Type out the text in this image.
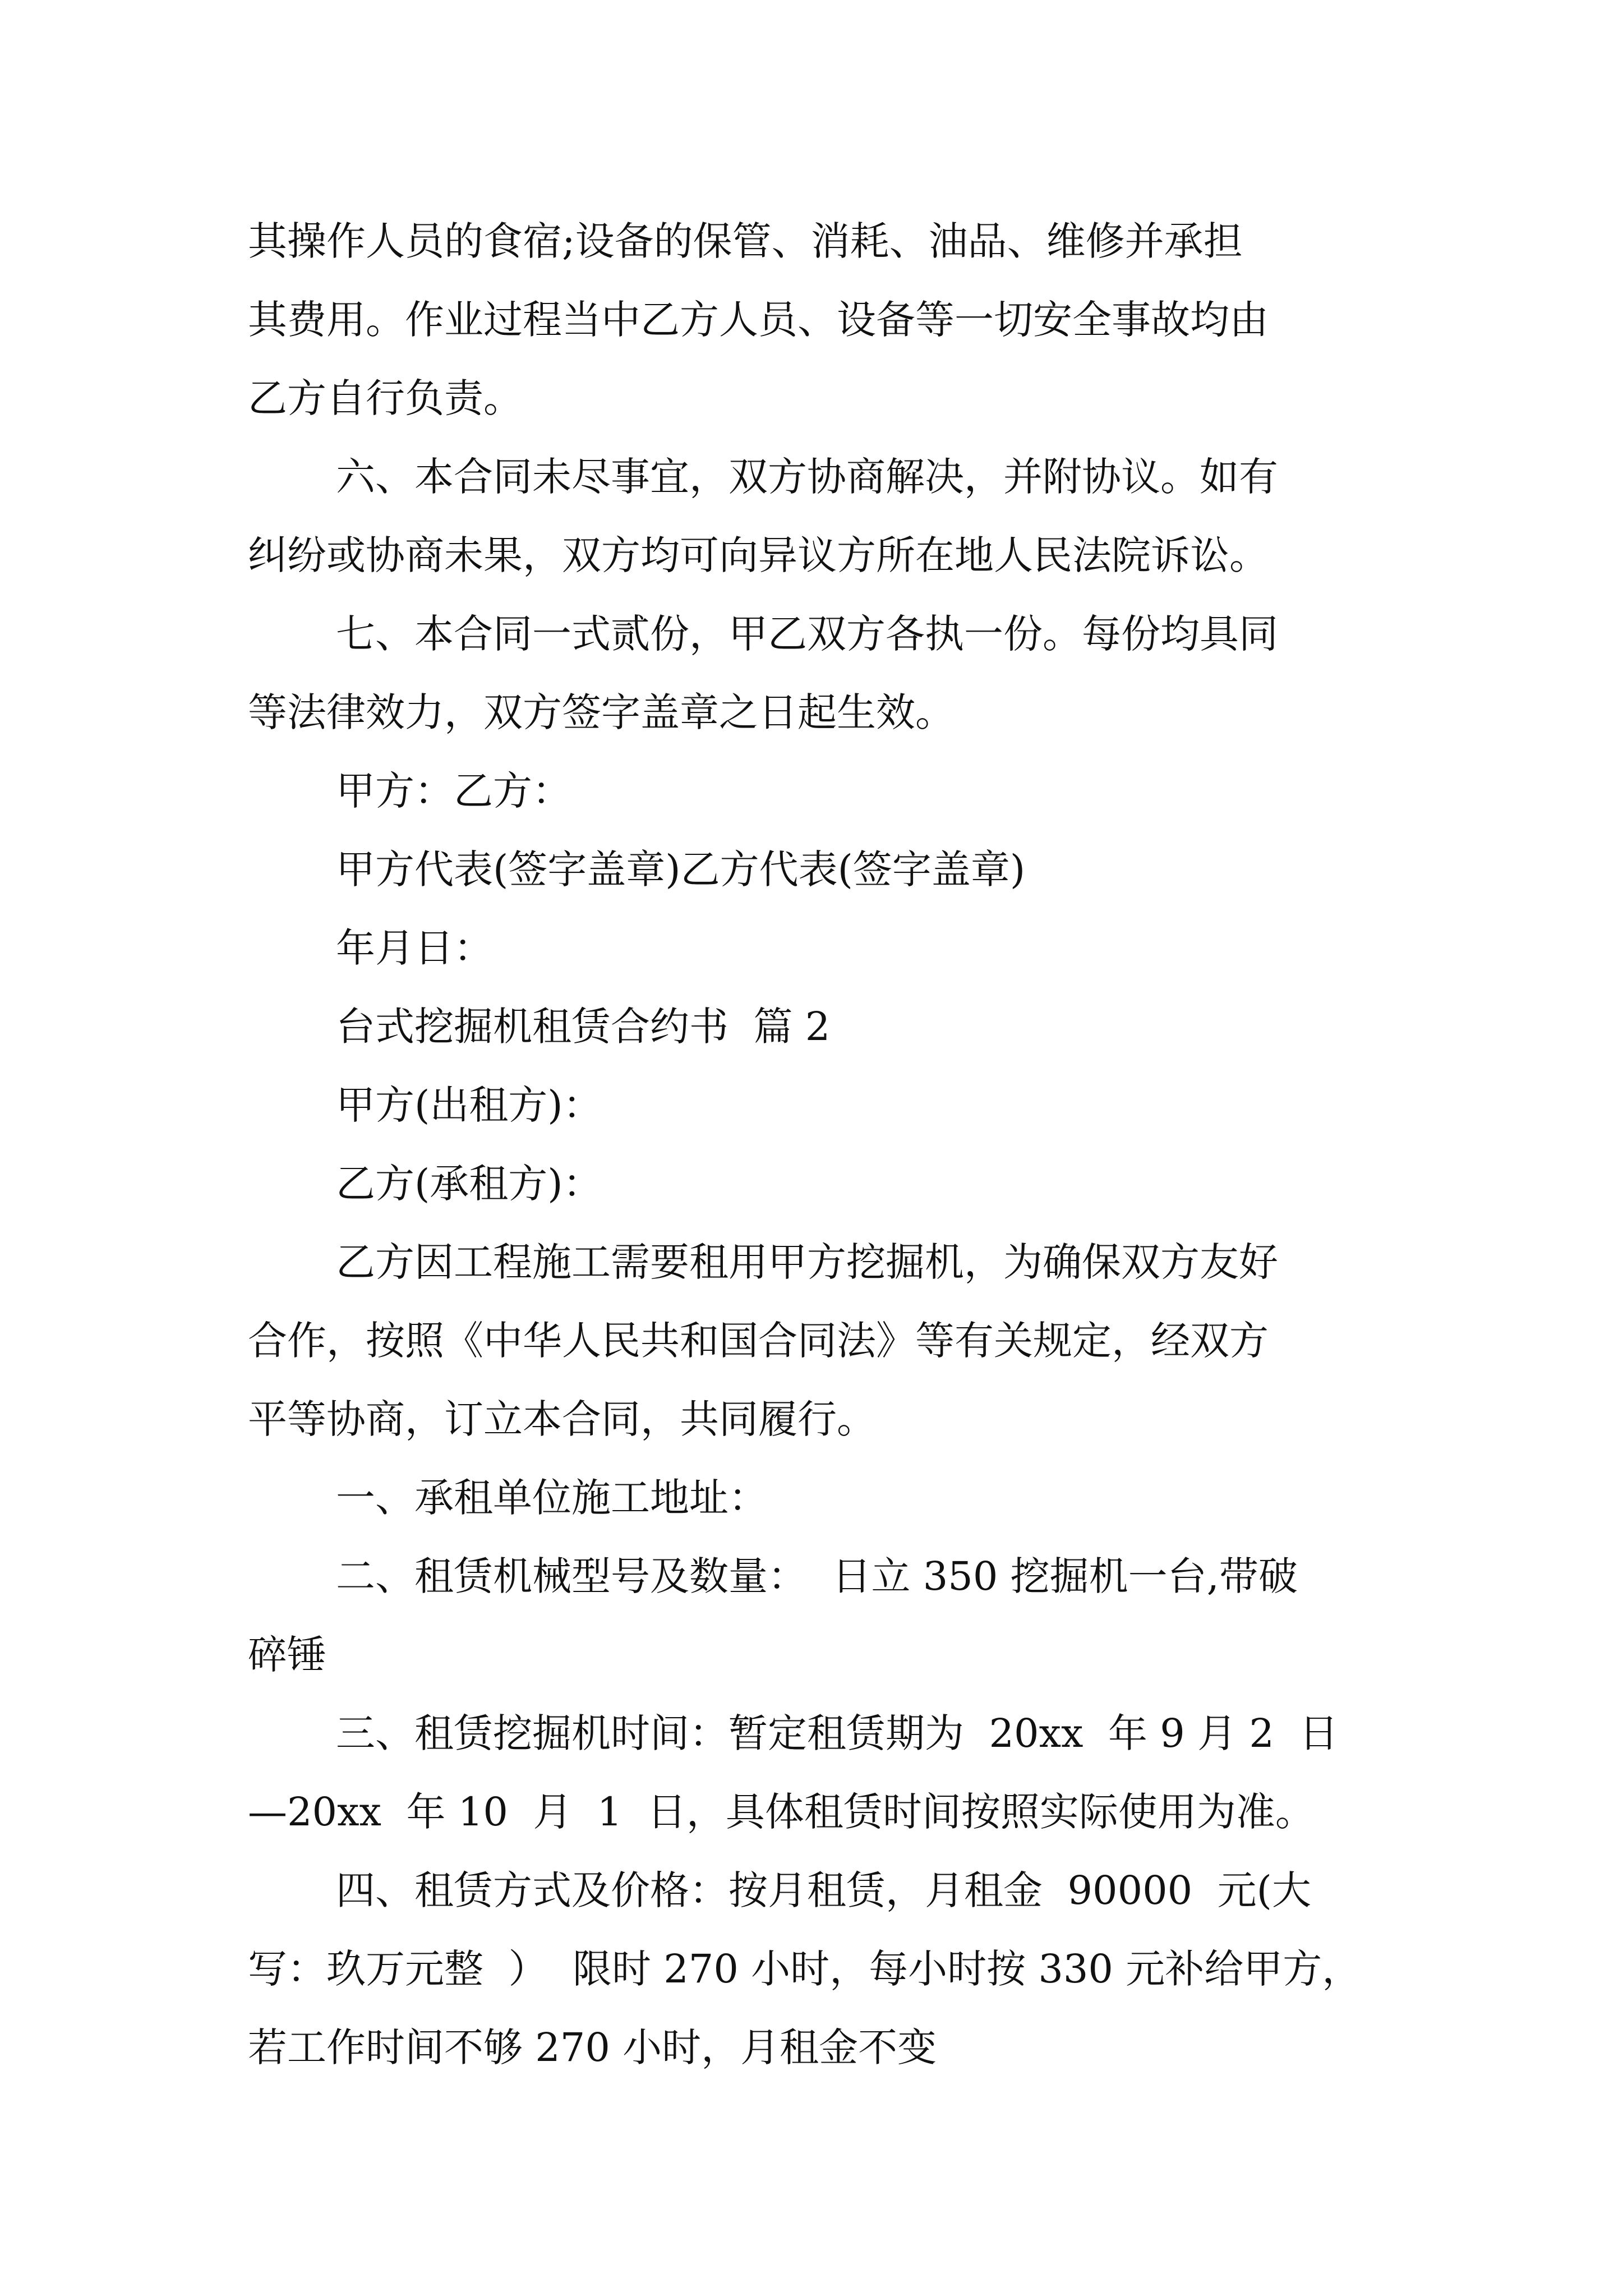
其操作人员的食宿;设备的保管、消耗、油品、维修并承担
其费用。作业过程当中乙方人员、设备等一切安全事故均由
乙方自行负责。
六、本合同未尽事宜，双方协商解决，并附协议。如有
纠纷或协商未果，双方均可向异议方所在地人民法院诉讼。
七、本合同一式贰份，甲乙双方各执一份。每份均具同
等法律效力，双方签字盖章之日起生效。
甲方：乙方：
甲方代表(签字盖章)乙方代表(签字盖章)
年月日：
台式挖掘机租赁合约书  篇 2
甲方(出租方)：
乙方(承租方)：
乙方因工程施工需要租用甲方挖掘机，为确保双方友好
合作，按照《中华人民共和国合同法》等有关规定，经双方
平等协商，订立本合同，共同履行。
一、承租单位施工地址：
二、租赁机械型号及数量：  日立 350 挖掘机一台,带破
碎锤
三、租赁挖掘机时间：暂定租赁期为  20xx  年 9 月 2  日
—20xx  年 10  月  1  日，具体租赁时间按照实际使用为准。
四、租赁方式及价格：按月租赁，月租金  90000  元(大
写：玖万元整  ）  限时 270 小时，每小时按 330 元补给甲方，
若工作时间不够 270 小时，月租金不变
